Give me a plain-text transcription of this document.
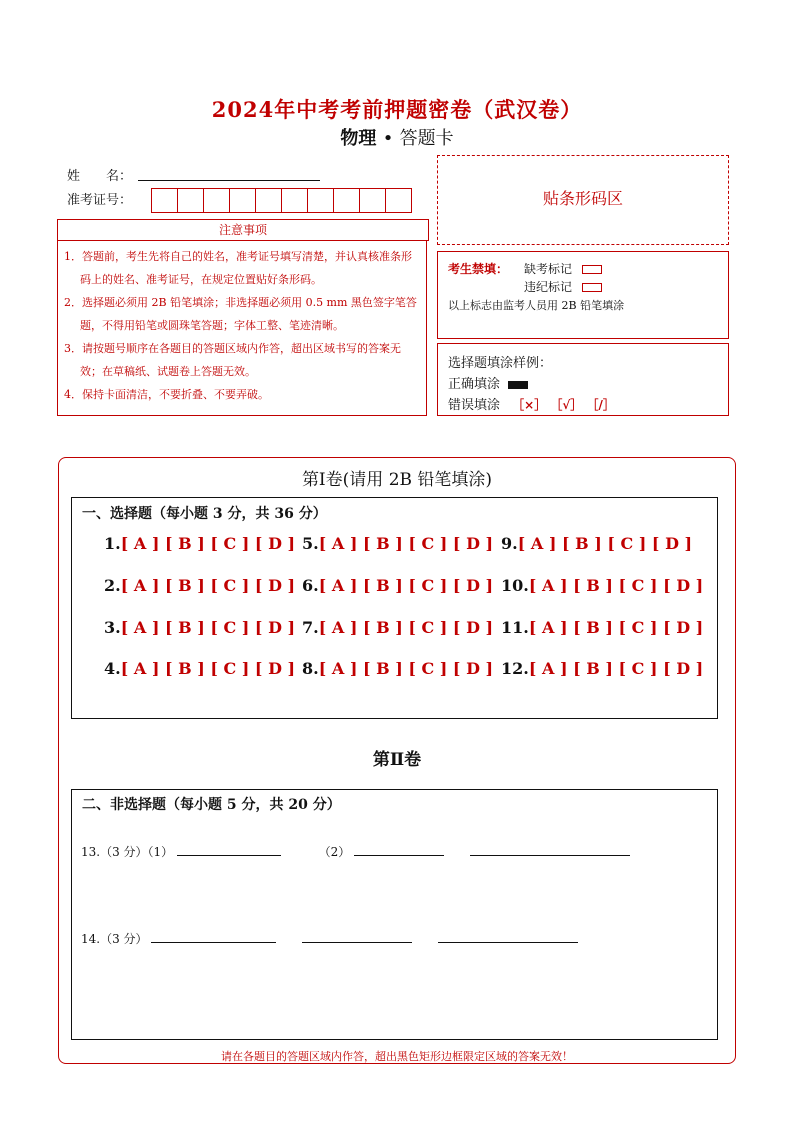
2024年中考考前押题密卷（武汉卷）
物理 • 答题卡
姓　　名：
准考证号：
注意事项

1．答题前，考生先将自己的姓名，准考证号填写清楚，并认真核准条形码上的姓名、准考证号，在规定位置贴好条形码。

2．选择题必须用 2B 铅笔填涂；非选择题必须用 0.5 mm 黑色签字笔答题，不得用铅笔或圆珠笔答题；字体工整、笔迹清晰。

3．请按题号顺序在各题目的答题区域内作答，超出区域书写的答案无效；在草稿纸、试题卷上答题无效。

4．保持卡面清洁，不要折叠、不要弄破。

贴条形码区
考生禁填： 缺考标记
违纪标记
以上标志由监考人员用 2B 铅笔填涂
选择题填涂样例：
正确填涂
错误填涂 ［×］ ［√］ ［/］
第Ⅰ卷(请用 2B 铅笔填涂)
一、选择题（每小题 3 分，共 36 分）
1.[ A ] [ B ] [ C ] [ D ]
2.[ A ] [ B ] [ C ] [ D ]
3.[ A ] [ B ] [ C ] [ D ]
4.[ A ] [ B ] [ C ] [ D ]
5.[ A ] [ B ] [ C ] [ D ]
6.[ A ] [ B ] [ C ] [ D ]
7.[ A ] [ B ] [ C ] [ D ]
8.[ A ] [ B ] [ C ] [ D ]
9.[ A ] [ B ] [ C ] [ D ]
10.[ A ] [ B ] [ C ] [ D ]
11.[ A ] [ B ] [ C ] [ D ]
12.[ A ] [ B ] [ C ] [ D ]
第Ⅱ卷
二、非选择题（每小题 5 分，共 20 分）
13.（3 分）（1）	（2）
14.（3 分）
请在各题目的答题区域内作答，超出黑色矩形边框限定区域的答案无效！
